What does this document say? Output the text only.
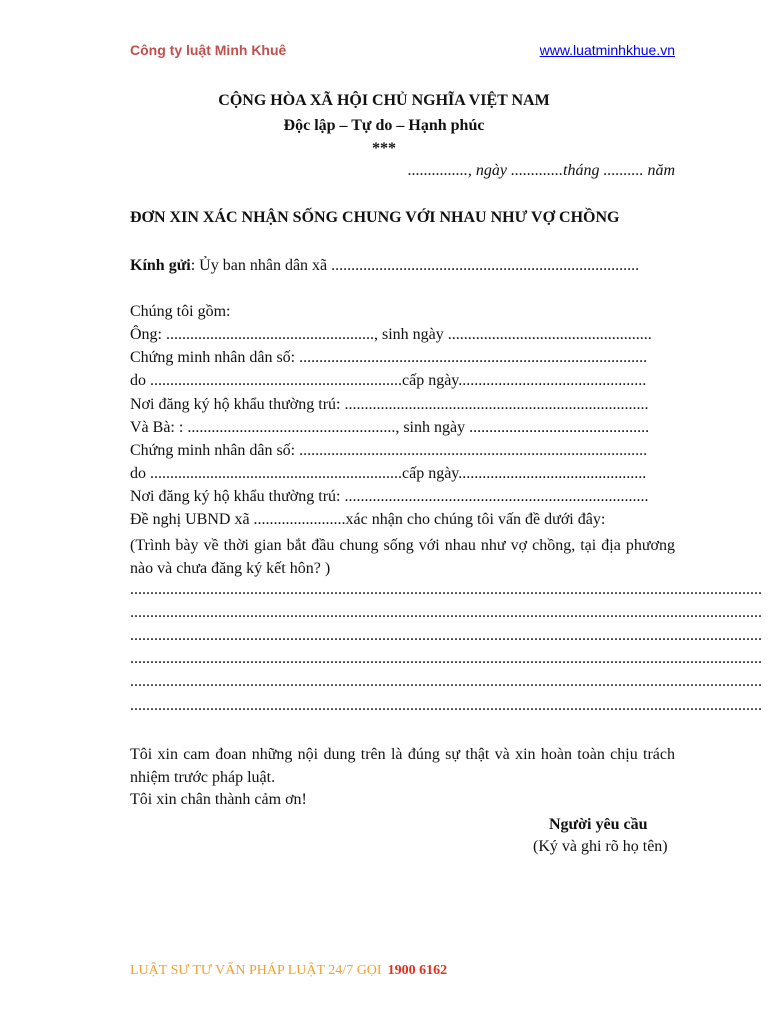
Công ty luật Minh Khuê	www.luatminhkhue.vn
CỘNG HÒA XÃ HỘI CHỦ NGHĨA VIỆT NAM
Độc lập – Tự do – Hạnh phúc
***
..............., ngày .............tháng .......... năm
ĐƠN XIN XÁC NHẬN SỐNG CHUNG VỚI NHAU NHƯ VỢ CHỒNG
Kính gửi: Ủy ban nhân dân xã .............................................................................
Chúng tôi gồm:
Ông: ...................................................., sinh ngày ...................................................
Chứng minh nhân dân số: .......................................................................................
do ...............................................................cấp ngày...............................................
Nơi đăng ký hộ khẩu thường trú: ............................................................................
Và Bà: : ...................................................., sinh ngày .............................................
Chứng minh nhân dân số: .......................................................................................
do ...............................................................cấp ngày...............................................
Nơi đăng ký hộ khẩu thường trú: ............................................................................
Đề nghị UBND xã .......................xác nhận cho chúng tôi vấn đề dưới đây:
(Trình bày về thời gian bắt đầu chung sống với nhau như vợ chồng, tại địa phương nào và chưa đăng ký kết hôn? )
..............................................................................................................................................................
..............................................................................................................................................................
..............................................................................................................................................................
..............................................................................................................................................................
..............................................................................................................................................................
..............................................................................................................................................................
Tôi xin cam đoan những nội dung trên là đúng sự thật và xin hoàn toàn chịu trách nhiệm trước pháp luật.
Tôi xin chân thành cảm ơn!
Người yêu cầu
(Ký và ghi rõ họ tên)
LUẬT SƯ TƯ VẤN PHÁP LUẬT 24/7 GỌI 1900 6162
